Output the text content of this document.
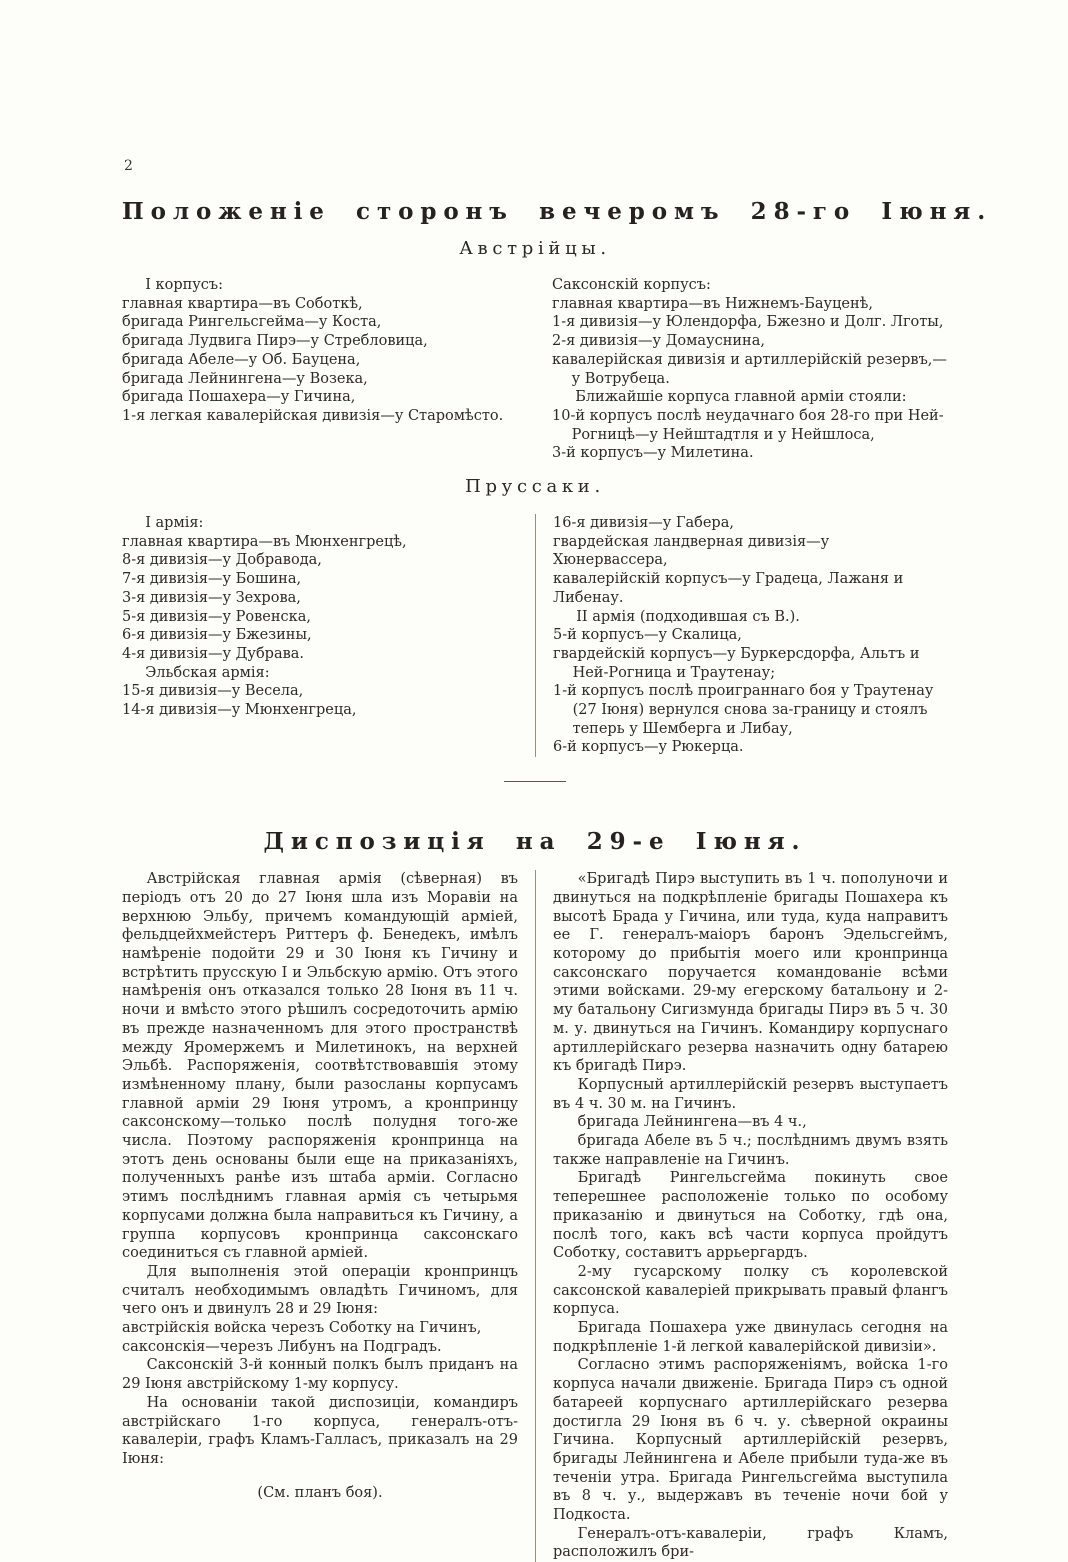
2
Положеніе сторонъ вечеромъ 28-го Іюня.
Австрійцы.

I корпусъ:

главная квартира—въ Соботкѣ,

бригада Рингельсгейма—у Коста,

бригада Лудвига Пирэ—у Стребловица,

бригада Абеле—у Об. Бауцена,

бригада Лейнингена—у Возека,

бригада Пошахера—у Гичина,

1-я легкая кавалерійская дивизія—у Старомѣсто.

Саксонскій корпусъ:

главная квартира—въ Нижнемъ-Бауценѣ,

1-я дивизія—у Юлендорфа, Бжезно и Долг. Лготы,

2-я дивизія—у Домауснина,

кавалерійская дивизія и артиллерійскій резервъ,—у Вотрубеца.

Ближайшіе корпуса главной арміи стояли:

10-й корпусъ послѣ неудачнаго боя 28-го при Ней-Рогницѣ—у Нейштадтля и у Нейшлоса,

3-й корпусъ—у Милетина.

Пруссаки.

I армія:

главная квартира—въ Мюнхенгрецѣ,

8-я дивизія—у Добравода,

7-я дивизія—у Бошина,

3-я дивизія—у Зехрова,

5-я дивизія—у Ровенска,

6-я дивизія—у Бжезины,

4-я дивизія—у Дубрава.

Эльбская армія:

15-я дивизія—у Весела,

14-я дивизія—у Мюнхенгреца,

16-я дивизія—у Габера,

гвардейская ландверная дивизія—у Хюнервассера,

кавалерійскій корпусъ—у Градеца, Лажаня и Либенау.

II армія (подходившая съ В.).

5-й корпусъ—у Скалица,

гвардейскій корпусъ—у Буркерсдорфа, Альтъ и Ней-Рогница и Траутенау;

1-й корпусъ послѣ проиграннаго боя у Траутенау (27 Іюня) вернулся снова за-границу и стоялъ теперь у Шемберга и Либау,

6-й корпусъ—у Рюкерца.

Диспозиція на 29-е Іюня.

Австрійская главная армія (сѣверная) въ періодъ отъ 20 до 27 Іюня шла изъ Моравіи на верхнюю Эльбу, причемъ командующій арміей, фельдцейхмейстеръ Риттеръ ф. Бенедекъ, имѣлъ намѣреніе подойти 29 и 30 Іюня къ Гичину и встрѣтить прусскую I и Эльбскую армію. Отъ этого намѣренія онъ отказался только 28 Іюня въ 11 ч. ночи и вмѣсто этого рѣшилъ сосредоточить армію въ прежде назначенномъ для этого пространствѣ между Яромержемъ и Милетинокъ, на верхней Эльбѣ. Распоряженія, соотвѣтствовавшія этому измѣненному плану, были разосланы корпусамъ главной арміи 29 Іюня утромъ, а кронпринцу саксонскому—только послѣ полудня того-же числа. Поэтому распоряженія кронпринца на этотъ день основаны были еще на приказаніяхъ, полученныхъ ранѣе изъ штаба арміи. Согласно этимъ послѣднимъ главная армія съ четырьмя корпусами должна была направиться къ Гичину, а группа корпусовъ кронпринца саксонскаго соединиться съ главной арміей.

Для выполненія этой операціи кронпринцъ считалъ необходимымъ овладѣть Гичиномъ, для чего онъ и двинулъ 28 и 29 Іюня:

австрійскія войска черезъ Соботку на Гичинъ,

саксонскія—черезъ Либунъ на Подградъ.

Саксонскій 3-й конный полкъ былъ приданъ на 29 Іюня австрійскому 1-му корпусу.

На основаніи такой диспозиціи, командиръ австрійскаго 1-го корпуса, генералъ-отъ-кавалеріи, графъ Кламъ-Галласъ, приказалъ на 29 Іюня:

(См. планъ боя).

«Бригадѣ Пирэ выступить въ 1 ч. пополуночи и двинуться на подкрѣпленіе бригады Пошахера къ высотѣ Брада у Гичина, или туда, куда направитъ ее Г. генералъ-маіоръ баронъ Эдельсгеймъ, которому до прибытія моего или кронпринца саксонскаго поручается командованіе всѣми этими войсками. 29-му егерскому батальону и 2-му батальону Сигизмунда бригады Пирэ въ 5 ч. 30 м. у. двинуться на Гичинъ. Командиру корпуснаго артиллерійскаго резерва назначить одну батарею къ бригадѣ Пирэ.

Корпусный артиллерійскій резервъ выступаетъ въ 4 ч. 30 м. на Гичинъ.

бригада Лейнингена—въ 4 ч.,

бригада Абеле въ 5 ч.; послѣднимъ двумъ взять также направленіе на Гичинъ.

Бригадѣ Рингельсгейма покинуть свое теперешнее расположеніе только по особому приказанію и двинуться на Соботку, гдѣ она, послѣ того, какъ всѣ части корпуса пройдутъ Соботку, составитъ аррьергардъ.

2-му гусарскому полку съ королевской саксонской кавалеріей прикрывать правый флангъ корпуса.

Бригада Пошахера уже двинулась сегодня на подкрѣпленіе 1-й легкой кавалерійской дивизіи».

Согласно этимъ распоряженіямъ, войска 1-го корпуса начали движеніе. Бригада Пирэ съ одной батареей корпуснаго артиллерійскаго резерва достигла 29 Іюня въ 6 ч. у. сѣверной окраины Гичина. Корпусный артиллерійскій резервъ, бригады Лейнингена и Абеле прибыли туда-же въ теченіи утра. Бригада Рингельсгейма выступила въ 8 ч. у., выдержавъ въ теченіе ночи бой у Подкоста.

Генералъ-отъ-кавалеріи, графъ Кламъ, расположилъ бри-
